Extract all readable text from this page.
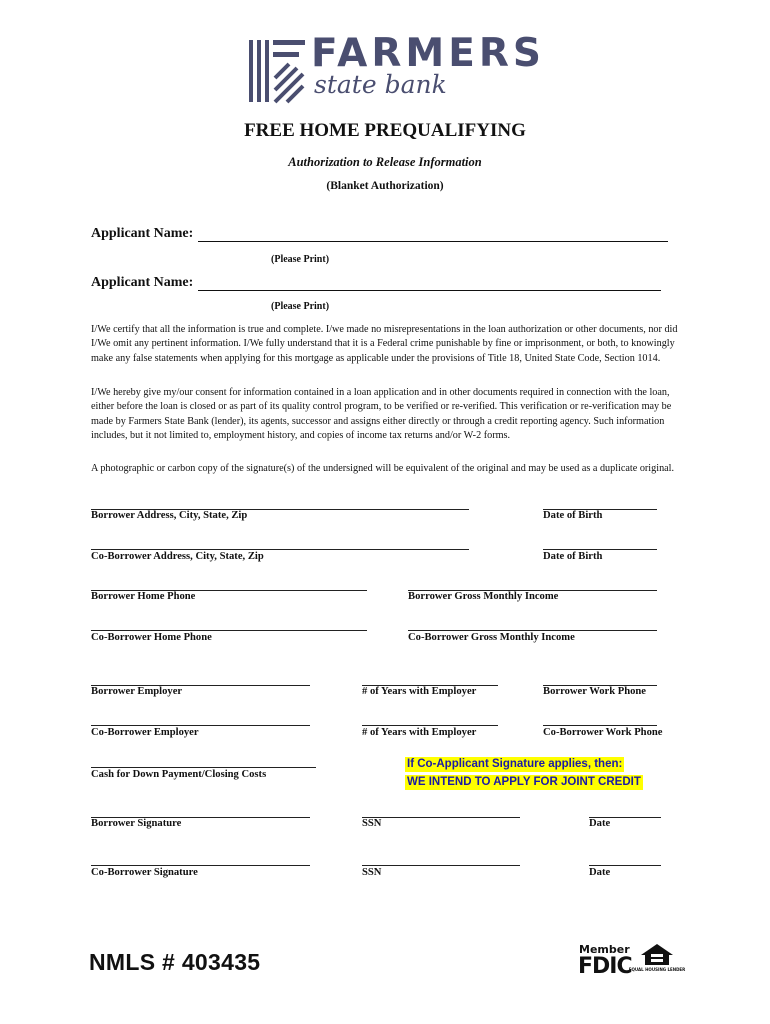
FARMERS
state bank
FREE HOME PREQUALIFYING
Authorization to Release Information
(Blanket Authorization)
Applicant Name:
(Please Print)
Applicant Name:
(Please Print)
I/We certify that all the information is true and complete. I/we made no misrepresentations in the loan authorization or other documents, nor did I/We omit any pertinent information. I/We fully understand that it is a Federal crime punishable by fine or imprisonment, or both, to knowingly make any false statements when applying for this mortgage as applicable under the provisions of Title 18, United State Code, Section 1014.
I/We hereby give my/our consent for information contained in a loan application and in other documents required in connection with the loan, either before the loan is closed or as part of its quality control program, to be verified or re-verified. This verification or re-verification may be made by Farmers State Bank (lender), its agents, successor and assigns either directly or through a credit reporting agency. Such information includes, but it not limited to, employment history, and copies of income tax returns and/or W-2 forms.
A photographic or carbon copy of the signature(s) of the undersigned will be equivalent of the original and may be used as a duplicate original.
Borrower Address, City, State, Zip	Date of Birth
Co-Borrower Address, City, State, Zip	Date of Birth
Borrower Home Phone	Borrower Gross Monthly Income
Co-Borrower Home Phone	Co-Borrower Gross Monthly Income
Borrower Employer	# of Years with Employer	Borrower Work Phone
Co-Borrower Employer	# of Years with Employer	Co-Borrower Work Phone
Cash for Down Payment/Closing Costs
If Co-Applicant Signature applies, then:
WE INTEND TO APPLY FOR JOINT CREDIT
Borrower Signature	SSN	Date
Co-Borrower Signature	SSN	Date
NMLS # 403435	Member
FDIC
EQUAL HOUSING LENDER
